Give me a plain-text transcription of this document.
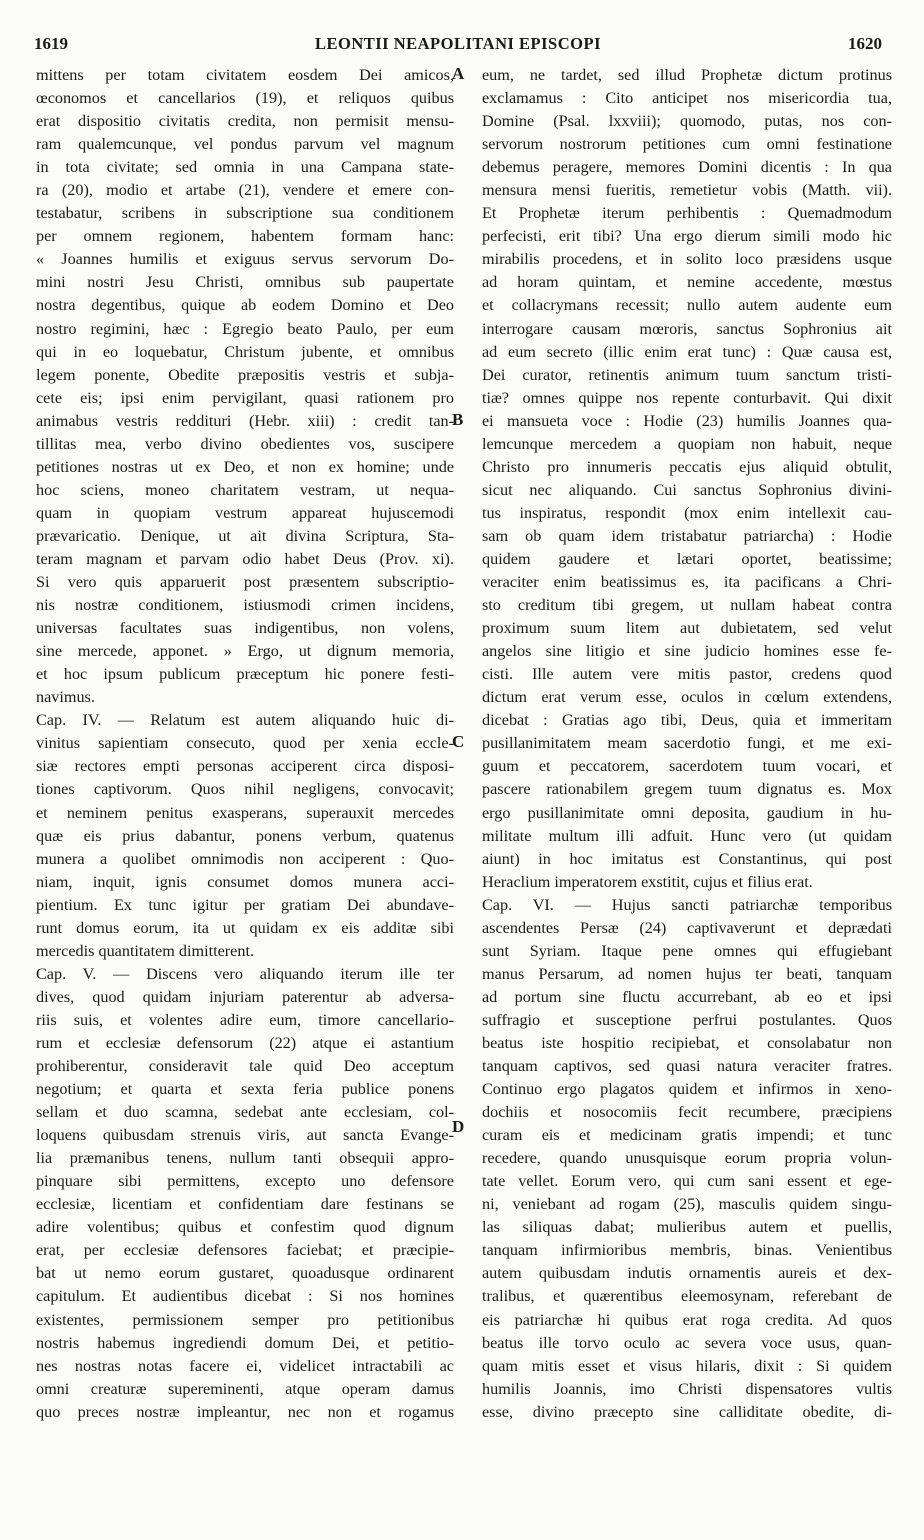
1619	LEONTII NEAPOLITANI EPISCOPI	1620
mittens per totam civitatem eosdem Dei amicos,
œconomos et cancellarios (19), et reliquos quibus
erat dispositio civitatis credita, non permisit mensu-
ram qualemcunque, vel pondus parvum vel magnum
in tota civitate; sed omnia in una Campana state-
ra (20), modio et artabe (21), vendere et emere con-
testabatur, scribens in subscriptione sua conditionem
per omnem regionem, habentem formam hanc:
« Joannes humilis et exiguus servus servorum Do-
mini nostri Jesu Christi, omnibus sub paupertate
nostra degentibus, quique ab eodem Domino et Deo
nostro regimini, hæc : Egregio beato Paulo, per eum
qui in eo loquebatur, Christum jubente, et omnibus
legem ponente, Obedite præpositis vestris et subja-
cete eis; ipsi enim pervigilant, quasi rationem pro
animabus vestris reddituri (Hebr. xiii) : credit tan-
tillitas mea, verbo divino obedientes vos, suscipere
petitiones nostras ut ex Deo, et non ex homine; unde
hoc sciens, moneo charitatem vestram, ut nequa-
quam in quopiam vestrum appareat hujuscemodi
prævaricatio. Denique, ut ait divina Scriptura, Sta-
teram magnam et parvam odio habet Deus (Prov. xi).
Si vero quis apparuerit post præsentem subscriptio-
nis nostræ conditionem, istiusmodi crimen incidens,
universas facultates suas indigentibus, non volens,
sine mercede, apponet. » Ergo, ut dignum memoria,
et hoc ipsum publicum præceptum hic ponere festi-
navimus.
Cap. IV. — Relatum est autem aliquando huic di-
vinitus sapientiam consecuto, quod per xenia eccle-
siæ rectores empti personas acciperent circa disposi-
tiones captivorum. Quos nihil negligens, convocavit;
et neminem penitus exasperans, superauxit mercedes
quæ eis prius dabantur, ponens verbum, quatenus
munera a quolibet omnimodis non acciperent : Quo-
niam, inquit, ignis consumet domos munera acci-
pientium. Ex tunc igitur per gratiam Dei abundave-
runt domus eorum, ita ut quidam ex eis additæ sibi
mercedis quantitatem dimitterent.
Cap. V. — Discens vero aliquando iterum ille ter
dives, quod quidam injuriam paterentur ab adversa-
riis suis, et volentes adire eum, timore cancellario-
rum et ecclesiæ defensorum (22) atque ei astantium
prohiberentur, consideravit tale quid Deo acceptum
negotium; et quarta et sexta feria publice ponens
sellam et duo scamna, sedebat ante ecclesiam, col-
loquens quibusdam strenuis viris, aut sancta Evange-
lia præmanibus tenens, nullum tanti obsequii appro-
pinquare sibi permittens, excepto uno defensore
ecclesiæ, licentiam et confidentiam dare festinans se
adire volentibus; quibus et confestim quod dignum
erat, per ecclesiæ defensores faciebat; et præcipie-
bat ut nemo eorum gustaret, quoadusque ordinarent
capitulum. Et audientibus dicebat : Si nos homines
existentes, permissionem semper pro petitionibus
nostris habemus ingrediendi domum Dei, et petitio-
nes nostras notas facere ei, videlicet intractabili ac
omni creaturæ supereminenti, atque operam damus
quo preces nostræ impleantur, nec non et rogamus
eum, ne tardet, sed illud Prophetæ dictum protinus
exclamamus : Cito anticipet nos misericordia tua,
Domine (Psal. lxxviii); quomodo, putas, nos con-
servorum nostrorum petitiones cum omni festinatione
debemus peragere, memores Domini dicentis : In qua
mensura mensi fueritis, remetietur vobis (Matth. vii).
Et Prophetæ iterum perhibentis : Quemadmodum
perfecisti, erit tibi? Una ergo dierum simili modo hic
mirabilis procedens, et in solito loco præsidens usque
ad horam quintam, et nemine accedente, mœstus
et collacrymans recessit; nullo autem audente eum
interrogare causam mœroris, sanctus Sophronius ait
ad eum secreto (illic enim erat tunc) : Quæ causa est,
Dei curator, retinentis animum tuum sanctum tristi-
tiæ? omnes quippe nos repente conturbavit. Qui dixit
ei mansueta voce : Hodie (23) humilis Joannes qua-
lemcunque mercedem a quopiam non habuit, neque
Christo pro innumeris peccatis ejus aliquid obtulit,
sicut nec aliquando. Cui sanctus Sophronius divini-
tus inspiratus, respondit (mox enim intellexit cau-
sam ob quam idem tristabatur patriarcha) : Hodie
quidem gaudere et lætari oportet, beatissime;
veraciter enim beatissimus es, ita pacificans a Chri-
sto creditum tibi gregem, ut nullam habeat contra
proximum suum litem aut dubietatem, sed velut
angelos sine litigio et sine judicio homines esse fe-
cisti. Ille autem vere mitis pastor, credens quod
dictum erat verum esse, oculos in cœlum extendens,
dicebat : Gratias ago tibi, Deus, quia et immeritam
pusillanimitatem meam sacerdotio fungi, et me exi-
guum et peccatorem, sacerdotem tuum vocari, et
pascere rationabilem gregem tuum dignatus es. Mox
ergo pusillanimitate omni deposita, gaudium in hu-
militate multum illi adfuit. Hunc vero (ut quidam
aiunt) in hoc imitatus est Constantinus, qui post
Heraclium imperatorem exstitit, cujus et filius erat.
Cap. VI. — Hujus sancti patriarchæ temporibus
ascendentes Persæ (24) captivaverunt et deprædati
sunt Syriam. Itaque pene omnes qui effugiebant
manus Persarum, ad nomen hujus ter beati, tanquam
ad portum sine fluctu accurrebant, ab eo et ipsi
suffragio et susceptione perfrui postulantes. Quos
beatus iste hospitio recipiebat, et consolabatur non
tanquam captivos, sed quasi natura veraciter fratres.
Continuo ergo plagatos quidem et infirmos in xeno-
dochiis et nosocomiis fecit recumbere, præcipiens
curam eis et medicinam gratis impendi; et tunc
recedere, quando unusquisque eorum propria volun-
tate vellet. Eorum vero, qui cum sani essent et ege-
ni, veniebant ad rogam (25), masculis quidem singu-
las siliquas dabat; mulieribus autem et puellis,
tanquam infirmioribus membris, binas. Venientibus
autem quibusdam indutis ornamentis aureis et dex-
tralibus, et quærentibus eleemosynam, referebant de
eis patriarchæ hi quibus erat roga credita. Ad quos
beatus ille torvo oculo ac severa voce usus, quan-
quam mitis esset et visus hilaris, dixit : Si quidem
humilis Joannis, imo Christi dispensatores vultis
esse, divino præcepto sine calliditate obedite, di-
A
B
C
D
